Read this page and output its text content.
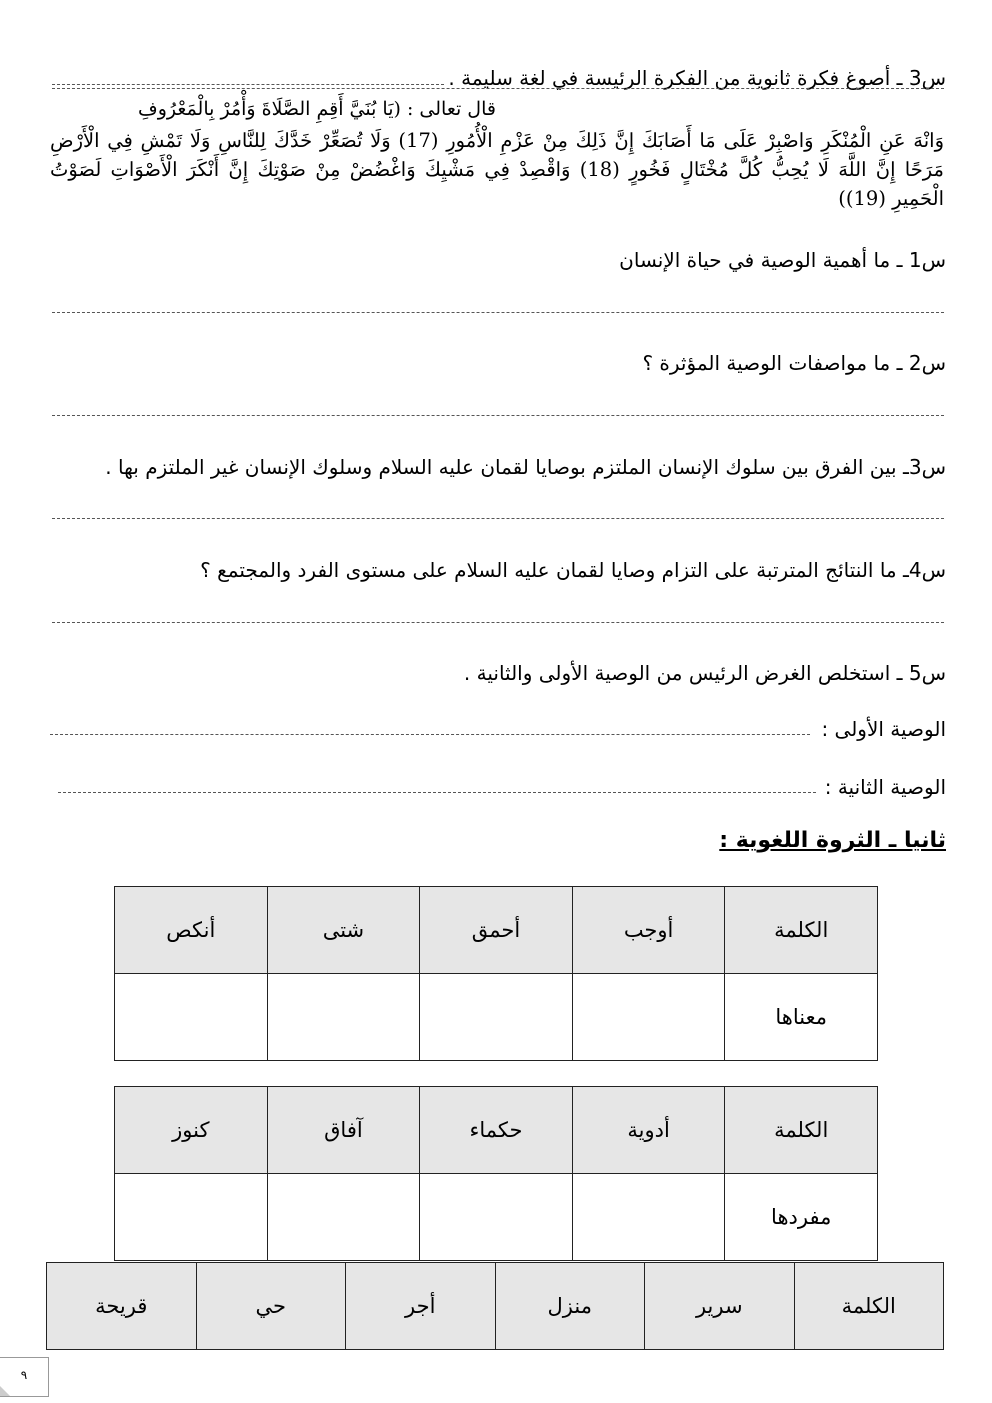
س3 ـ أصوغ فكرة ثانوية من الفكرة الرئيسة في لغة سليمة .
قال تعالى : (يَا بُنَيَّ أَقِمِ الصَّلَاةَ وَأْمُرْ بِالْمَعْرُوفِ
وَانْهَ عَنِ الْمُنْكَرِ وَاصْبِرْ عَلَى مَا أَصَابَكَ إِنَّ ذَلِكَ مِنْ عَزْمِ الْأُمُورِ (17) وَلَا تُصَعِّرْ خَدَّكَ لِلنَّاسِ وَلَا تَمْشِ فِي الْأَرْضِ مَرَحًا إِنَّ اللَّهَ لَا يُحِبُّ كُلَّ مُخْتَالٍ فَخُورٍ (18) وَاقْصِدْ فِي مَشْيِكَ وَاغْضُضْ مِنْ صَوْتِكَ إِنَّ أَنْكَرَ الْأَصْوَاتِ لَصَوْتُ الْحَمِيرِ (19))
س1 ـ ما أهمية الوصية في حياة الإنسان
س2 ـ ما مواصفات الوصية المؤثرة ؟
س3ـ بين الفرق بين سلوك الإنسان الملتزم بوصايا لقمان عليه السلام وسلوك الإنسان غير الملتزم بها .
س4ـ ما النتائج المترتبة على التزام وصايا لقمان عليه السلام على مستوى الفرد والمجتمع ؟
س5 ـ استخلص الغرض الرئيس من الوصية الأولى والثانية .
الوصية الأولى :
الوصية الثانية :
ثانيا ـ الثروة اللغوية :
الكلمة	أوجب	أحمق	شتى	أنكص
معناها				
الكلمة	أدوية	حكماء	آفاق	كنوز
مفردها				
الكلمة	سرير	منزل	أجر	حي	قريحة
٩
